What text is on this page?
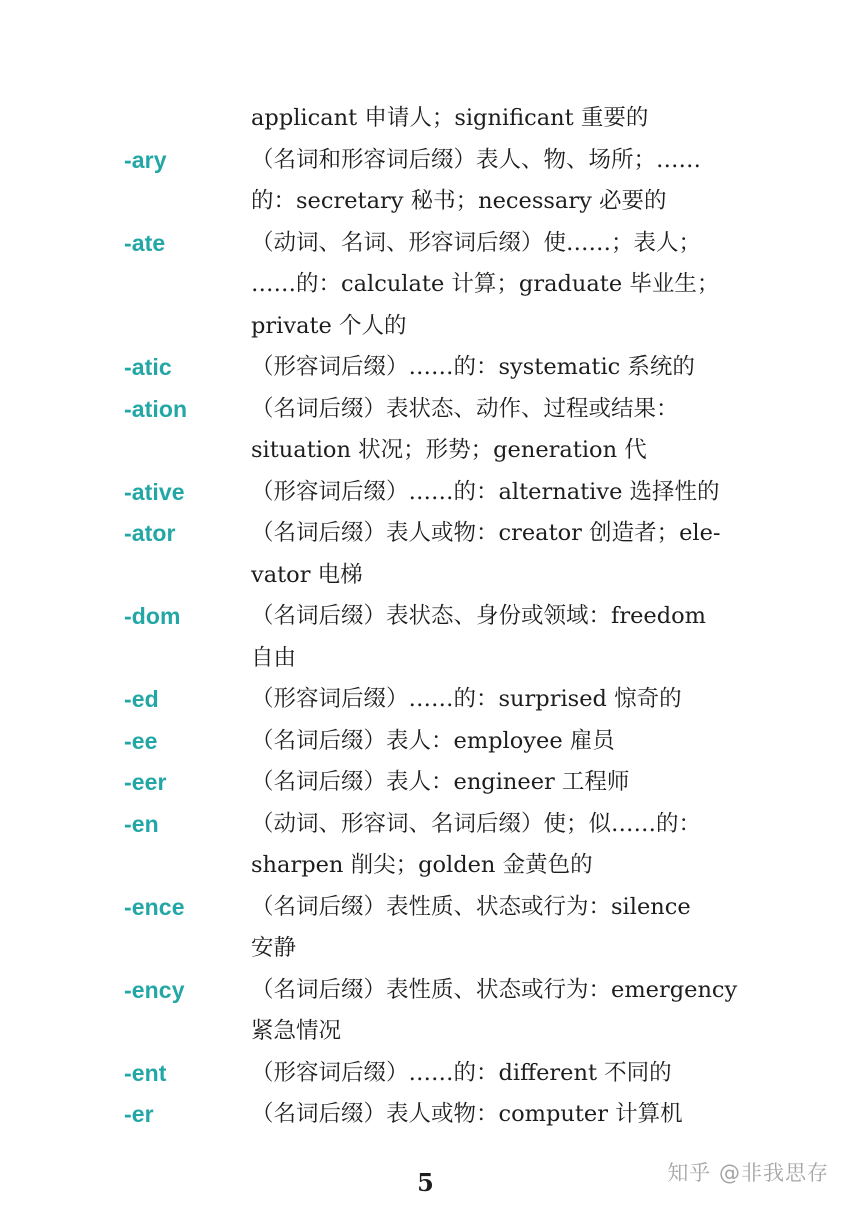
applicant 申请人；significant 重要的
-ary	（名词和形容词后缀）表人、物、场所；……
的：secretary 秘书；necessary 必要的
-ate	（动词、名词、形容词后缀）使……；表人；
……的：calculate 计算；graduate 毕业生；
private 个人的
-atic	（形容词后缀）……的：systematic 系统的
-ation	（名词后缀）表状态、动作、过程或结果：
situation 状况；形势；generation 代
-ative	（形容词后缀）……的：alternative 选择性的
-ator	（名词后缀）表人或物：creator 创造者；ele-
vator 电梯
-dom	（名词后缀）表状态、身份或领域：freedom
自由
-ed	（形容词后缀）……的：surprised 惊奇的
-ee	（名词后缀）表人：employee 雇员
-eer	（名词后缀）表人：engineer 工程师
-en	（动词、形容词、名词后缀）使；似……的：
sharpen 削尖；golden 金黄色的
-ence	（名词后缀）表性质、状态或行为：silence
安静
-ency	（名词后缀）表性质、状态或行为：emergency
紧急情况
-ent	（形容词后缀）……的：different 不同的
-er	（名词后缀）表人或物：computer 计算机
5	知乎 @非我思存
